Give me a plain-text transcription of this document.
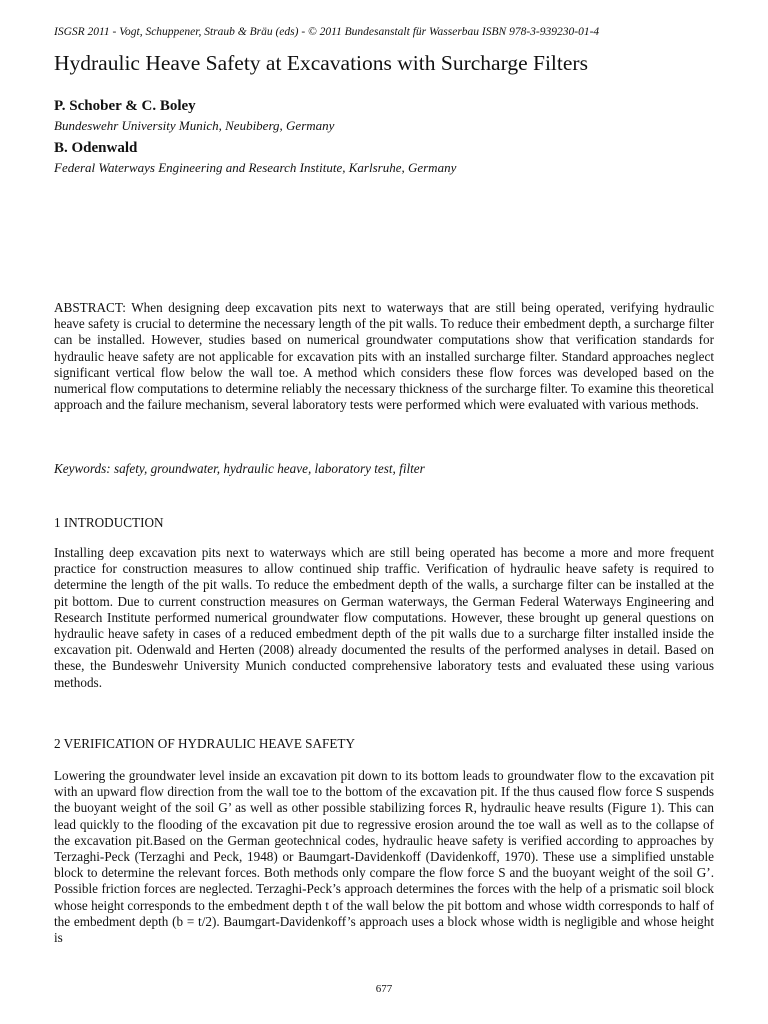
ISGSR 2011 - Vogt, Schuppener, Straub & Bräu (eds) - © 2011 Bundesanstalt für Wasserbau ISBN 978-3-939230-01-4
Hydraulic Heave Safety at Excavations with Surcharge Filters
P. Schober & C. Boley
Bundeswehr University Munich, Neubiberg, Germany
B. Odenwald
Federal Waterways Engineering and Research Institute, Karlsruhe, Germany
ABSTRACT: When designing deep excavation pits next to waterways that are still being operated, verifying hydraulic heave safety is crucial to determine the necessary length of the pit walls. To reduce their embedment depth, a surcharge filter can be installed. However, studies based on numerical groundwater computations show that verification standards for hydraulic heave safety are not applicable for excavation pits with an installed surcharge filter. Standard approaches neglect significant vertical flow below the wall toe. A method which considers these flow forces was developed based on the numerical flow computations to determine reliably the necessary thickness of the surcharge filter. To examine this theoretical approach and the failure mechanism, several laboratory tests were performed which were evaluated with various methods.
Keywords: safety, groundwater, hydraulic heave, laboratory test, filter
1 INTRODUCTION
Installing deep excavation pits next to waterways which are still being operated has become a more and more frequent practice for construction measures to allow continued ship traffic. Verification of hydraulic heave safety is required to determine the length of the pit walls. To reduce the embedment depth of the walls, a surcharge filter can be installed at the pit bottom. Due to current construction measures on German waterways, the German Federal Waterways Engineering and Research Institute performed numerical groundwater flow computations. However, these brought up general questions on hydraulic heave safety in cases of a reduced embedment depth of the pit walls due to a surcharge filter installed inside the excavation pit. Odenwald and Herten (2008) already documented the results of the performed analyses in detail. Based on these, the Bundeswehr University Munich conducted comprehensive laboratory tests and evaluated these using various methods.
2 VERIFICATION OF HYDRAULIC HEAVE SAFETY
Lowering the groundwater level inside an excavation pit down to its bottom leads to groundwater flow to the excavation pit with an upward flow direction from the wall toe to the bottom of the excavation pit. If the thus caused flow force S suspends the buoyant weight of the soil G’ as well as other possible stabilizing forces R, hydraulic heave results (Figure 1). This can lead quickly to the flooding of the excavation pit due to regressive erosion around the toe wall as well as to the collapse of the excavation pit.Based on the German geotechnical codes, hydraulic heave safety is verified according to approaches by Terzaghi-Peck (Terzaghi and Peck, 1948) or Baumgart-Davidenkoff (Davidenkoff, 1970). These use a simplified unstable block to determine the relevant forces. Both methods only compare the flow force S and the buoyant weight of the soil G’. Possible friction forces are neglected. Terzaghi-Peck’s approach determines the forces with the help of a prismatic soil block whose height corresponds to the embedment depth t of the wall below the pit bottom and whose width corresponds to half of the embedment depth (b = t/2). Baumgart-Davidenkoff’s approach uses a block whose width is negligible and whose height is
677
